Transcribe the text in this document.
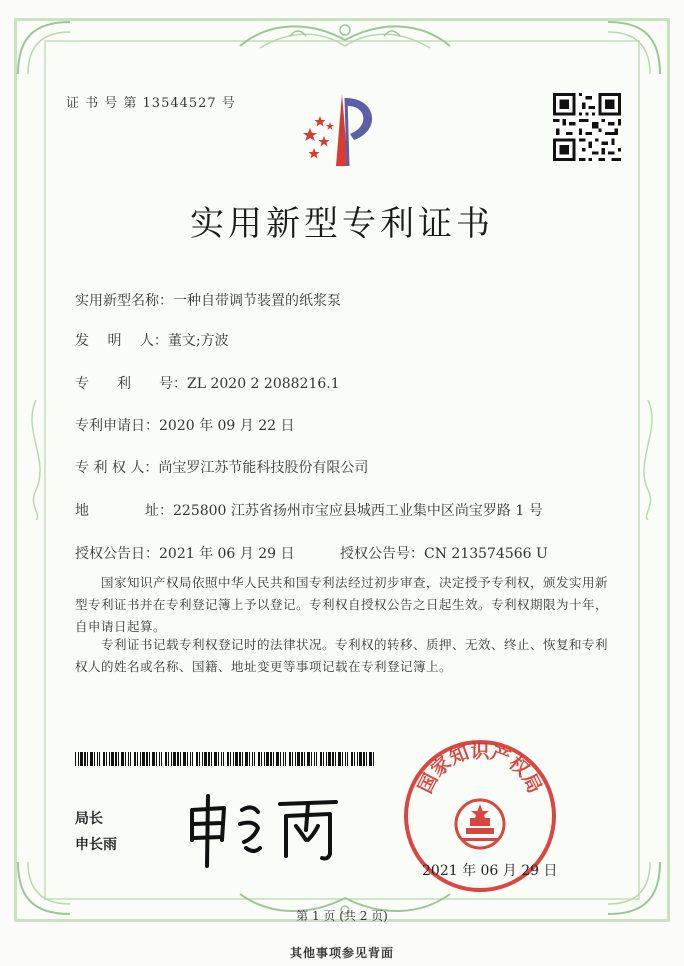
证 书 号 第 13544527 号
实用新型专利证书
实用新型名称：一种自带调节装置的纸浆泵
发　 明　 人：董文;方波
专　　利　　号：ZL 2020 2 2088216.1
专利申请日：2020 年 09 月 22 日
专 利 权 人：尚宝罗江苏节能科技股份有限公司
地　　　　址：225800 江苏省扬州市宝应县城西工业集中区尚宝罗路 1 号
授权公告日：2021 年 06 月 29 日	授权公告号：CN 213574566 U
国家知识产权局依照中华人民共和国专利法经过初步审查，决定授予专利权，颁发实用新型专利证书并在专利登记簿上予以登记。专利权自授权公告之日起生效。专利权期限为十年，自申请日起算。
专利证书记载专利权登记时的法律状况。专利权的转移、质押、无效、终止、恢复和专利权人的姓名或名称、国籍、地址变更等事项记载在专利登记簿上。
局长
申长雨
国家知识产权局
2021 年 06 月 29 日
第 1 页 (共 2 页)
其他事项参见背面
